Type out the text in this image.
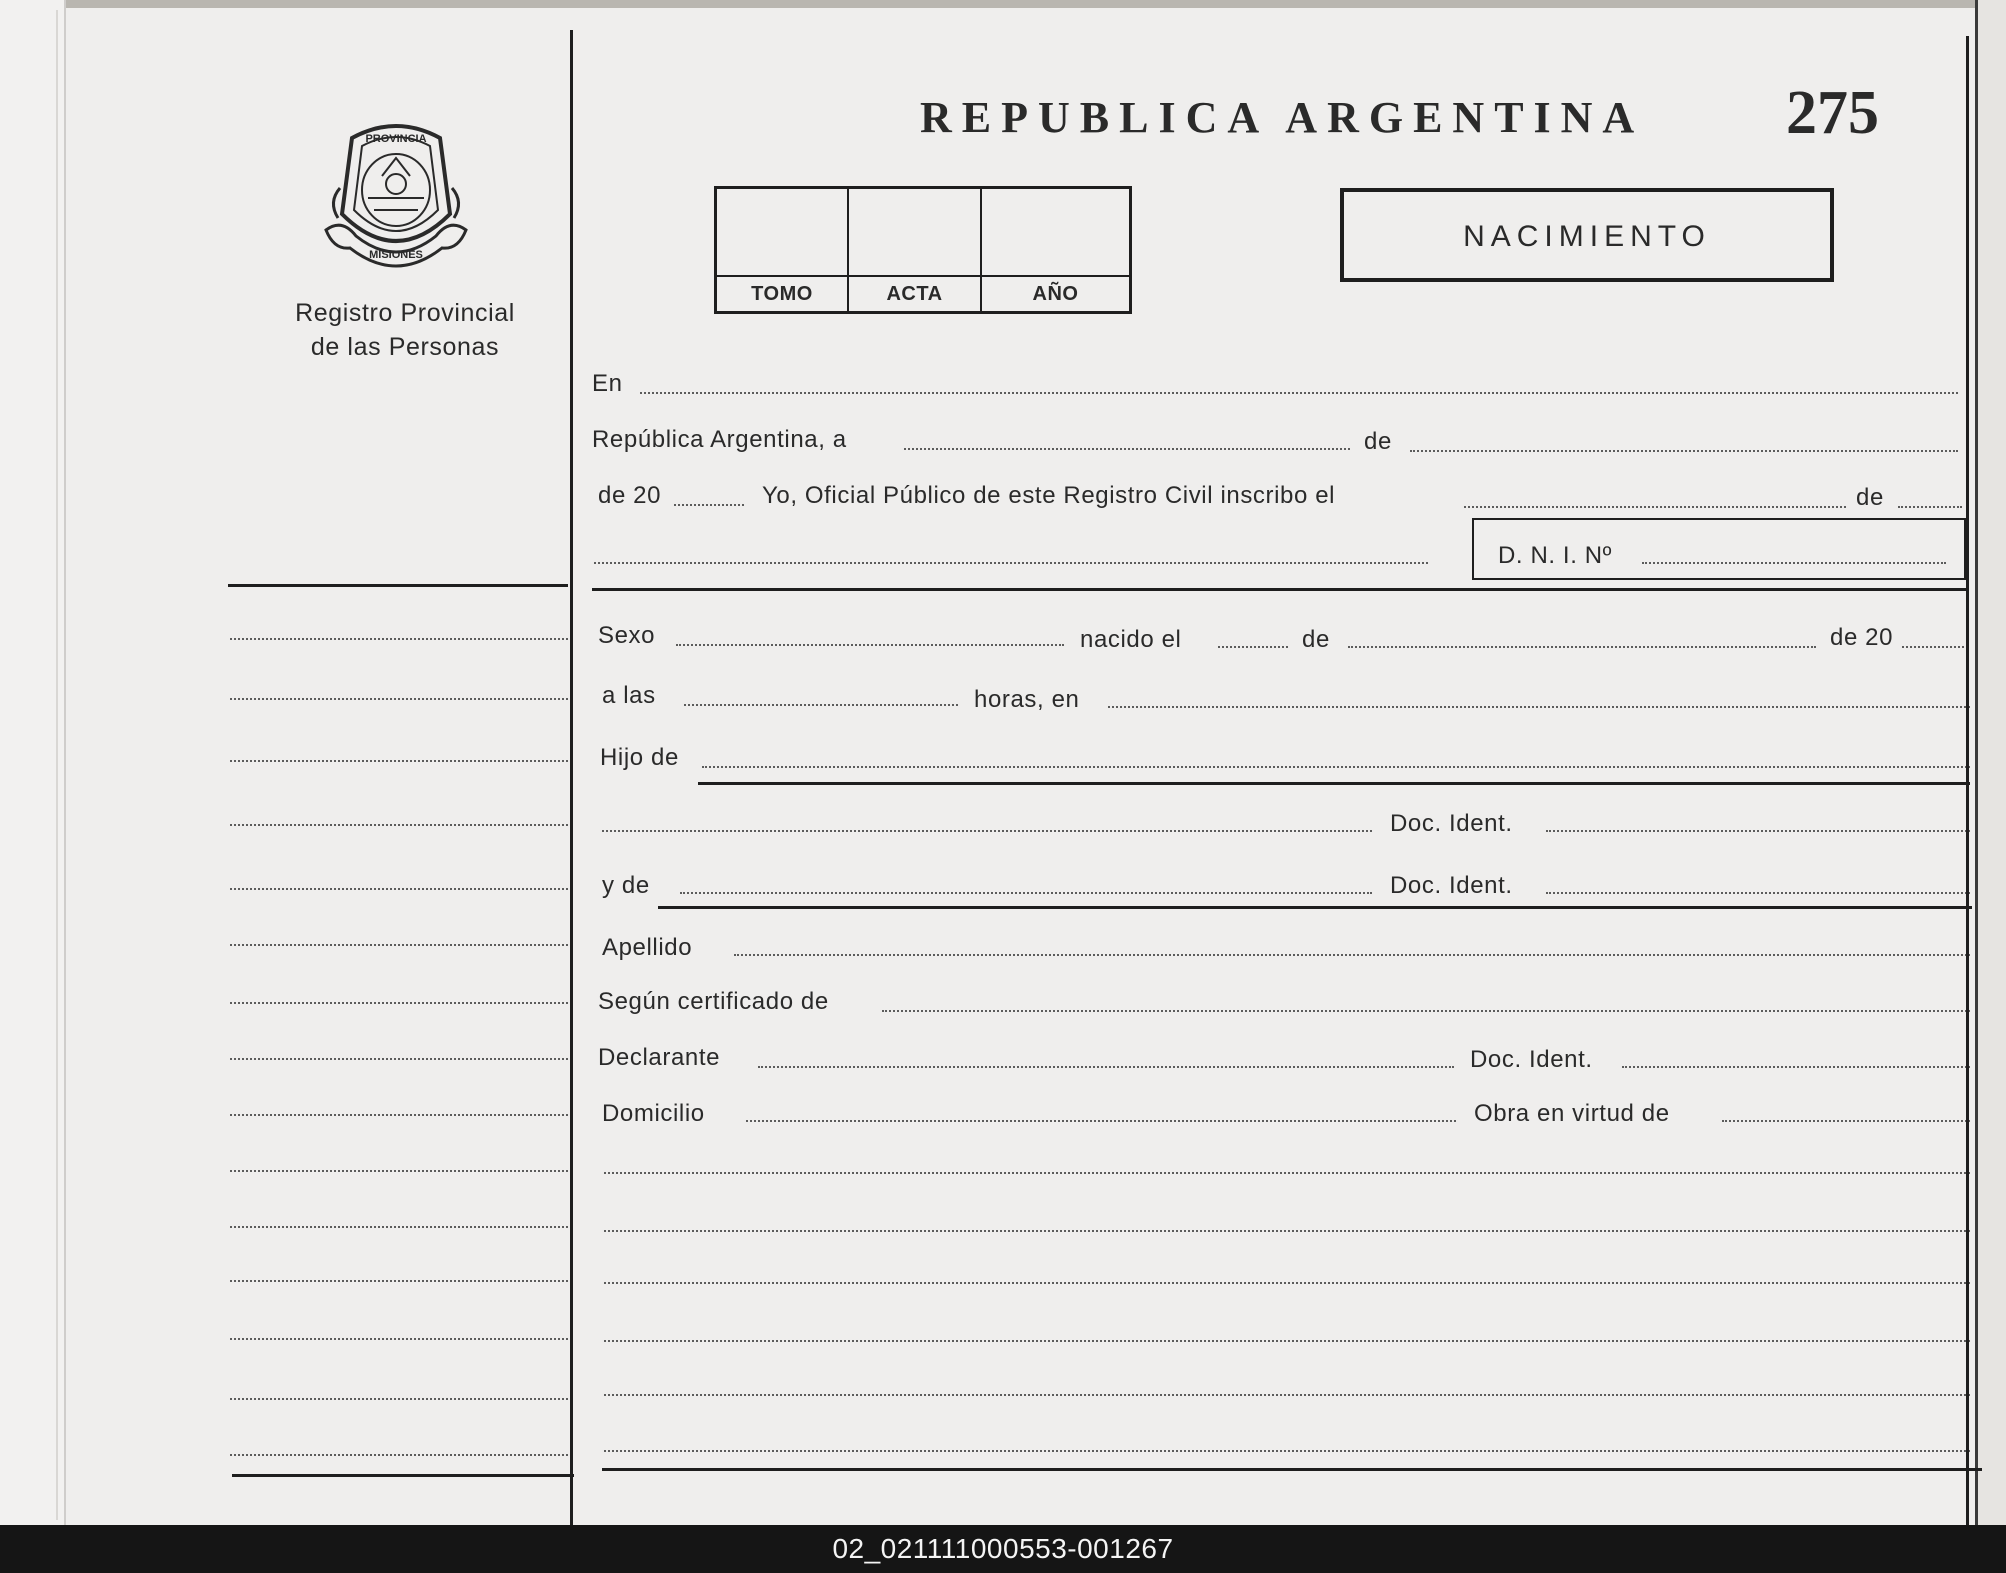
PROVINCIA
MISIONES
Registro Provincial
de las Personas
REPUBLICA ARGENTINA 275
TOMO	ACTA	AÑO
NACIMIENTO
En
República Argentina, a	de
de 20	Yo, Oficial Público de este Registro Civil inscribo el	de
D. N. I. Nº
Sexo	nacido el	de	de 20
a las	horas, en
Hijo de
Doc. Ident.
y de	Doc. Ident.
Apellido
Según certificado de
Declarante	Doc. Ident.
Domicilio	Obra en virtud de
02_021111000553-001267
